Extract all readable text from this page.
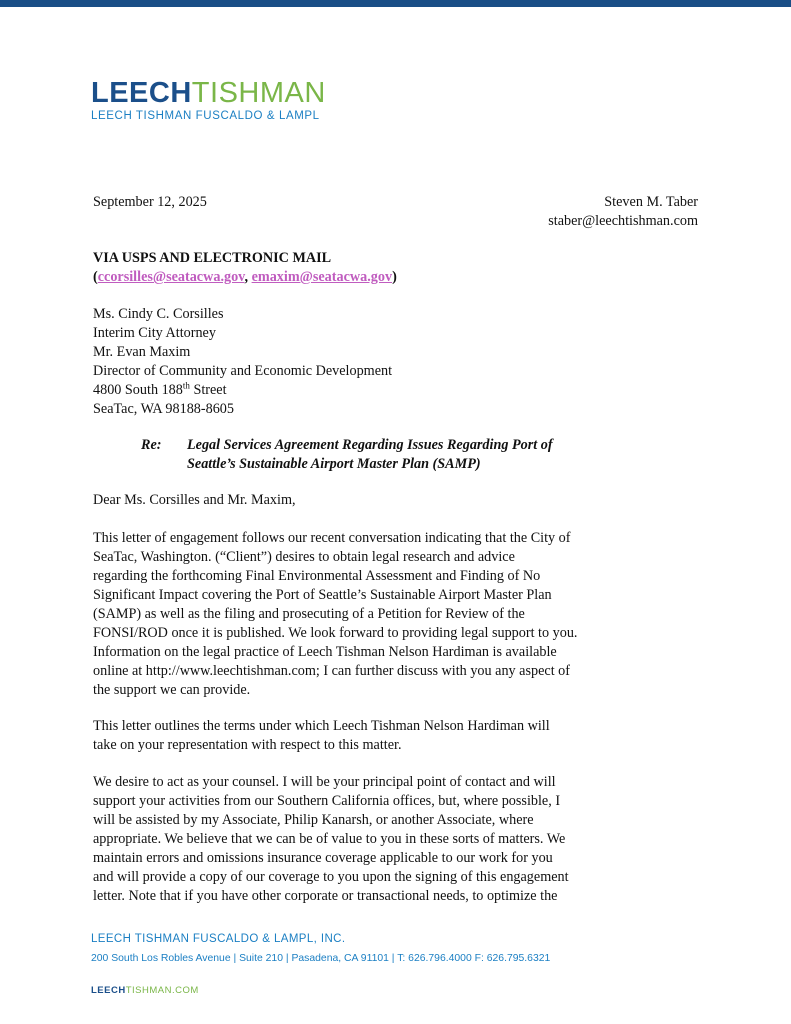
LEECHTISHMAN
LEECH TISHMAN FUSCALDO & LAMPL
September 12, 2025	Steven M. Taber
staber@leechtishman.com
VIA USPS AND ELECTRONIC MAIL
(ccorsilles@seatacwa.gov, emaxim@seatacwa.gov)
Ms. Cindy C. Corsilles
Interim City Attorney
Mr. Evan Maxim
Director of Community and Economic Development
4800 South 188th Street
SeaTac, WA 98188-8605
Re: Legal Services Agreement Regarding Issues Regarding Port of
Seattle’s Sustainable Airport Master Plan (SAMP)
Dear Ms. Corsilles and Mr. Maxim,
This letter of engagement follows our recent conversation indicating that the City of
SeaTac, Washington. (“Client”) desires to obtain legal research and advice
regarding the forthcoming Final Environmental Assessment and Finding of No
Significant Impact covering the Port of Seattle’s Sustainable Airport Master Plan
(SAMP) as well as the filing and prosecuting of a Petition for Review of the
FONSI/ROD once it is published. We look forward to providing legal support to you.
Information on the legal practice of Leech Tishman Nelson Hardiman is available
online at http://www.leechtishman.com; I can further discuss with you any aspect of
the support we can provide.
This letter outlines the terms under which Leech Tishman Nelson Hardiman will
take on your representation with respect to this matter.
We desire to act as your counsel. I will be your principal point of contact and will
support your activities from our Southern California offices, but, where possible, I
will be assisted by my Associate, Philip Kanarsh, or another Associate, where
appropriate. We believe that we can be of value to you in these sorts of matters. We
maintain errors and omissions insurance coverage applicable to our work for you
and will provide a copy of our coverage to you upon the signing of this engagement
letter. Note that if you have other corporate or transactional needs, to optimize the
LEECH TISHMAN FUSCALDO & LAMPL, INC.
200 South Los Robles Avenue | Suite 210 | Pasadena, CA 91101 | T: 626.796.4000 F: 626.795.6321
LEECHTISHMAN.COM
